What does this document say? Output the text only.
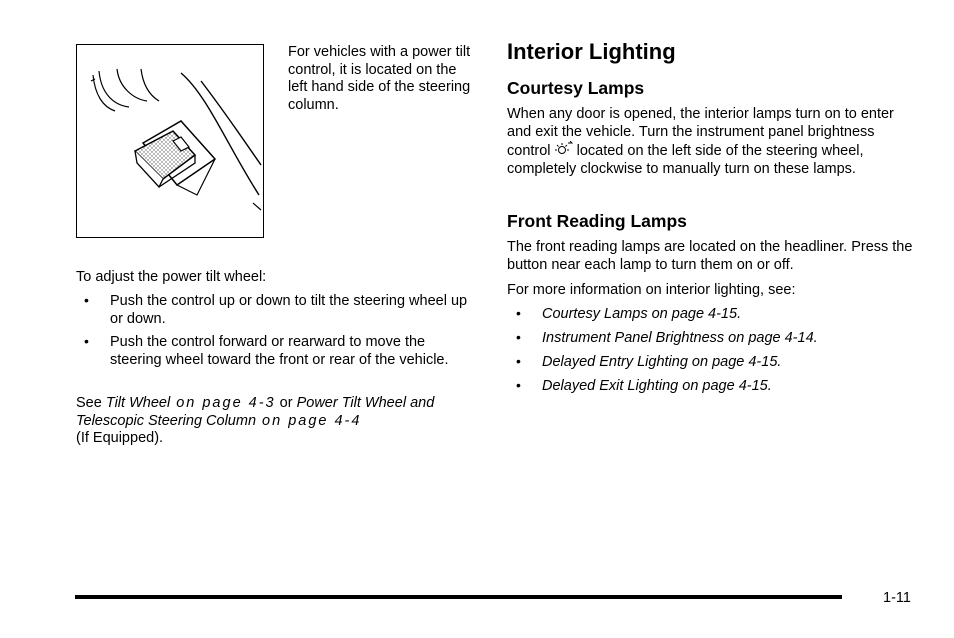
For vehicles with a power tilt control, it is located on the left hand side of the steering column.
To adjust the power tilt wheel:
• Push the control up or down to tilt the steering wheel up or down.
• Push the control forward or rearward to move the steering wheel toward the front or rear of the vehicle.
See Tilt Wheel on page 4-3 or Power Tilt Wheel and Telescopic Steering Column on page 4-4
(If Equipped).
Interior Lighting
Courtesy Lamps
When any door is opened, the interior lamps turn on to enter and exit the vehicle. Turn the instrument panel brightness control  located on the left side of the steering wheel, completely clockwise to manually turn on these lamps.
Front Reading Lamps
The front reading lamps are located on the headliner. Press the button near each lamp to turn them on or off.
For more information on interior lighting, see:
• Courtesy Lamps on page 4-15.
• Instrument Panel Brightness on page 4-14.
• Delayed Entry Lighting on page 4-15.
• Delayed Exit Lighting on page 4-15.
1-11
